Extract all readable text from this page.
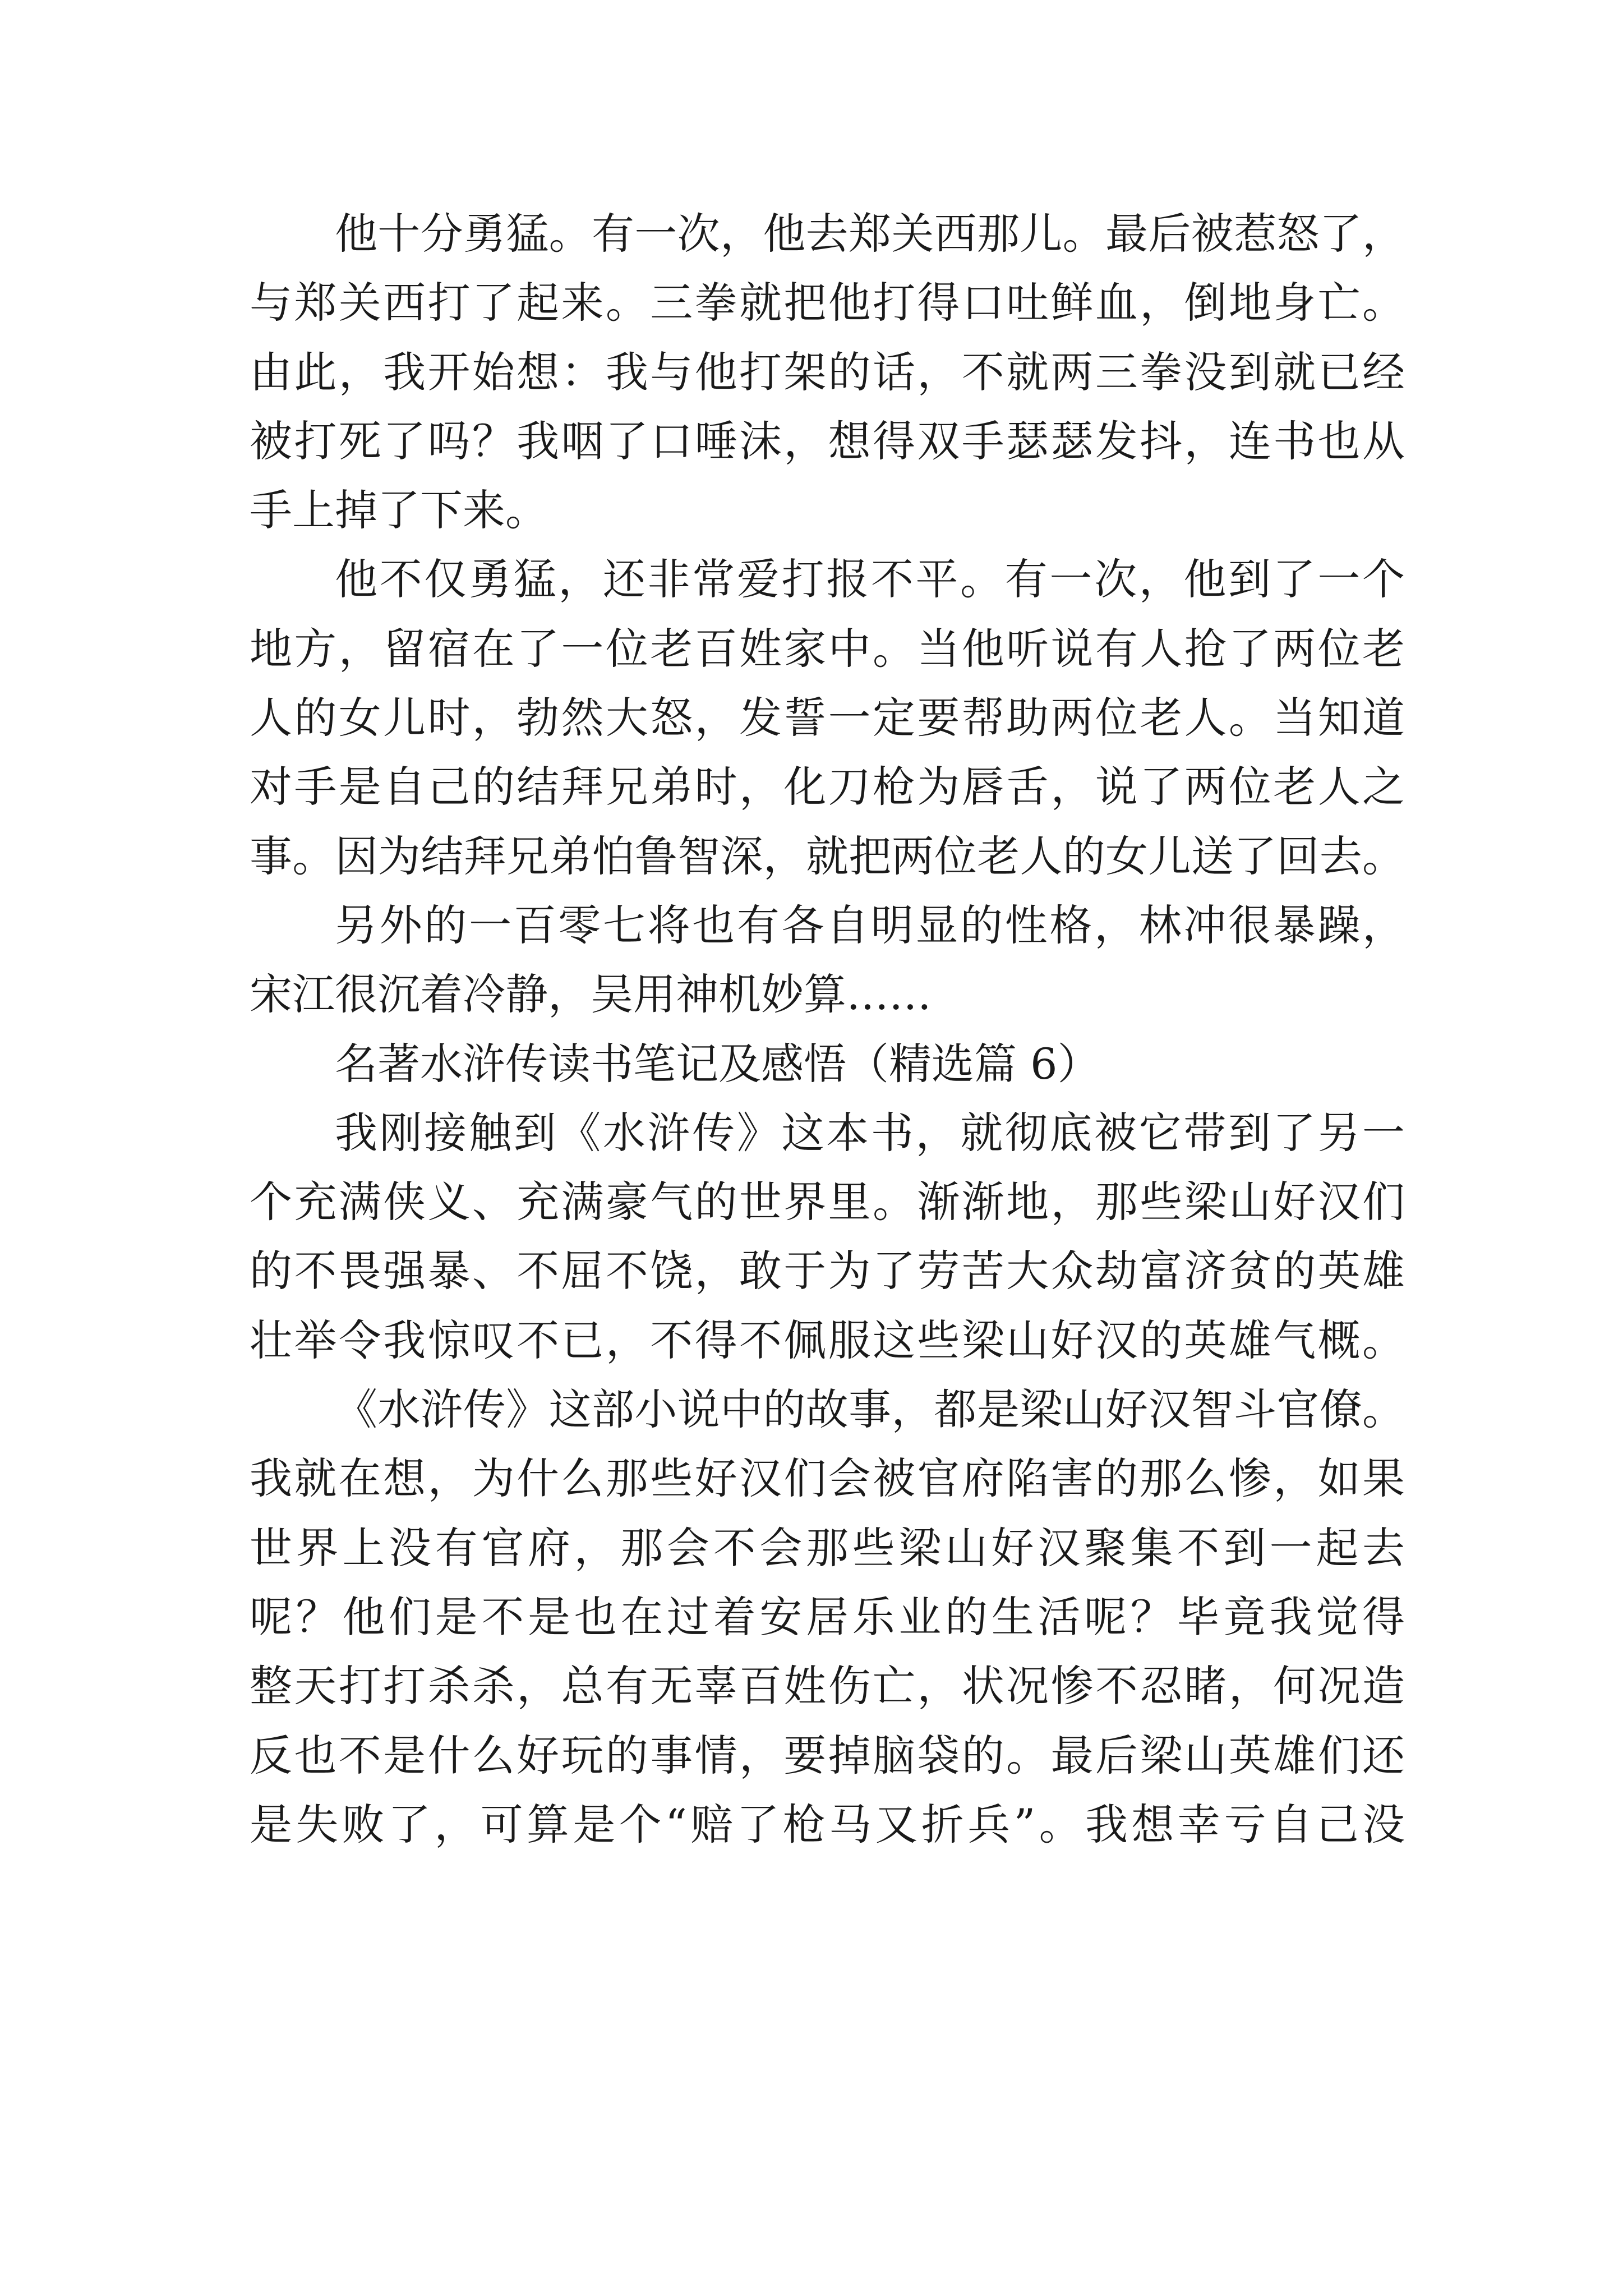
他十分勇猛。有一次，他去郑关西那儿。最后被惹怒了，
与郑关西打了起来。三拳就把他打得口吐鲜血，倒地身亡。
由此，我开始想：我与他打架的话，不就两三拳没到就已经
被打死了吗？我咽了口唾沫，想得双手瑟瑟发抖，连书也从
手上掉了下来。
他不仅勇猛，还非常爱打报不平。有一次，他到了一个
地方，留宿在了一位老百姓家中。当他听说有人抢了两位老
人的女儿时，勃然大怒，发誓一定要帮助两位老人。当知道
对手是自己的结拜兄弟时，化刀枪为唇舌，说了两位老人之
事。因为结拜兄弟怕鲁智深，就把两位老人的女儿送了回去。
另外的一百零七将也有各自明显的性格，林冲很暴躁，
宋江很沉着冷静，吴用神机妙算……
名著水浒传读书笔记及感悟（精选篇 6）
我刚接触到《水浒传》这本书，就彻底被它带到了另一
个充满侠义、充满豪气的世界里。渐渐地，那些梁山好汉们
的不畏强暴、不屈不饶，敢于为了劳苦大众劫富济贫的英雄
壮举令我惊叹不已，不得不佩服这些梁山好汉的英雄气概。
《水浒传》这部小说中的故事，都是梁山好汉智斗官僚。
我就在想，为什么那些好汉们会被官府陷害的那么惨，如果
世界上没有官府，那会不会那些梁山好汉聚集不到一起去
呢？他们是不是也在过着安居乐业的生活呢？毕竟我觉得
整天打打杀杀，总有无辜百姓伤亡，状况惨不忍睹，何况造
反也不是什么好玩的事情，要掉脑袋的。最后梁山英雄们还
是失败了，可算是个“赔了枪马又折兵”。我想幸亏自己没
